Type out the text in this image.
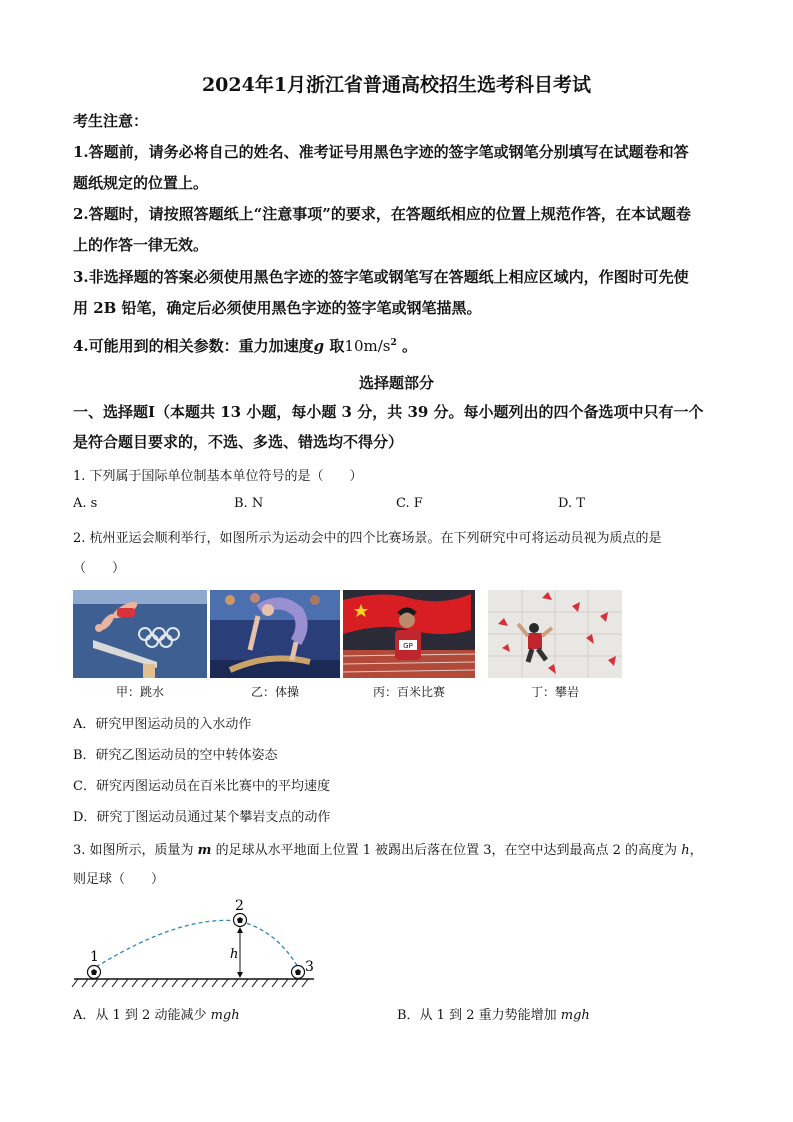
2024年1月浙江省普通高校招生选考科目考试
考生注意：
1.答题前，请务必将自己的姓名、准考证号用黑色字迹的签字笔或钢笔分别填写在试题卷和答
题纸规定的位置上。
2.答题时，请按照答题纸上“注意事项”的要求，在答题纸相应的位置上规范作答，在本试题卷
上的作答一律无效。
3.非选择题的答案必须使用黑色字迹的签字笔或钢笔写在答题纸上相应区域内，作图时可先使
用 2B 铅笔，确定后必须使用黑色字迹的签字笔或钢笔描黑。
4.可能用到的相关参数：重力加速度g 取$10m/s^2$ 。
选择题部分
一、选择题Ⅰ（本题共 13 小题，每小题 3 分，共 39 分。每小题列出的四个备选项中只有一个
是符合题目要求的，不选、多选、错选均不得分）
1. 下列属于国际单位制基本单位符号的是（　　）
A. s	B. N	C. F	D. T
2. 杭州亚运会顺利举行，如图所示为运动会中的四个比赛场景。在下列研究中可将运动员视为质点的是
（　　）
GP
甲：跳水	乙：体操	丙：百米比赛	丁：攀岩
A．研究甲图运动员的入水动作
B．研究乙图运动员的空中转体姿态
C．研究丙图运动员在百米比赛中的平均速度
D．研究丁图运动员通过某个攀岩支点的动作
3. 如图所示，质量为 m 的足球从水平地面上位置 1 被踢出后落在位置 3，在空中达到最高点 2 的高度为 h，
则足球（　　）
1
2
3
h
A．从 1 到 2 动能减少 mgh	B．从 1 到 2 重力势能增加 mgh
